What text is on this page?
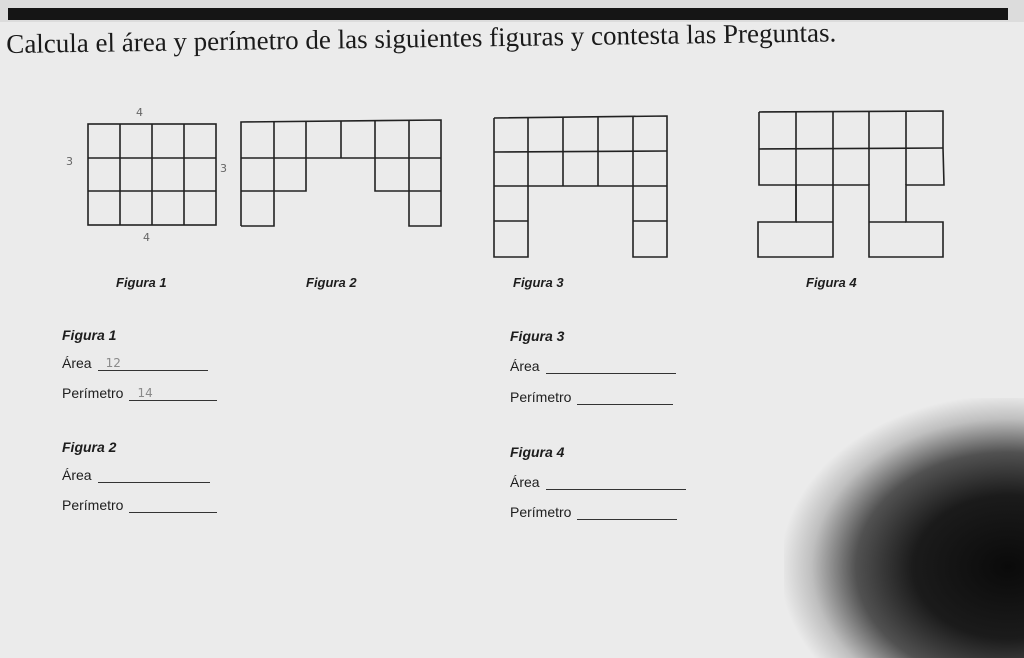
Calcula el área y perímetro de las siguientes figuras y contesta las Preguntas.
4
3
4
3
Figura 1	Figura 2	Figura 3	Figura 4
Figura 1
Área 12
Perímetro 14
Figura 2
Área
Perímetro
Figura 3
Área
Perímetro
Figura 4
Área
Perímetro
